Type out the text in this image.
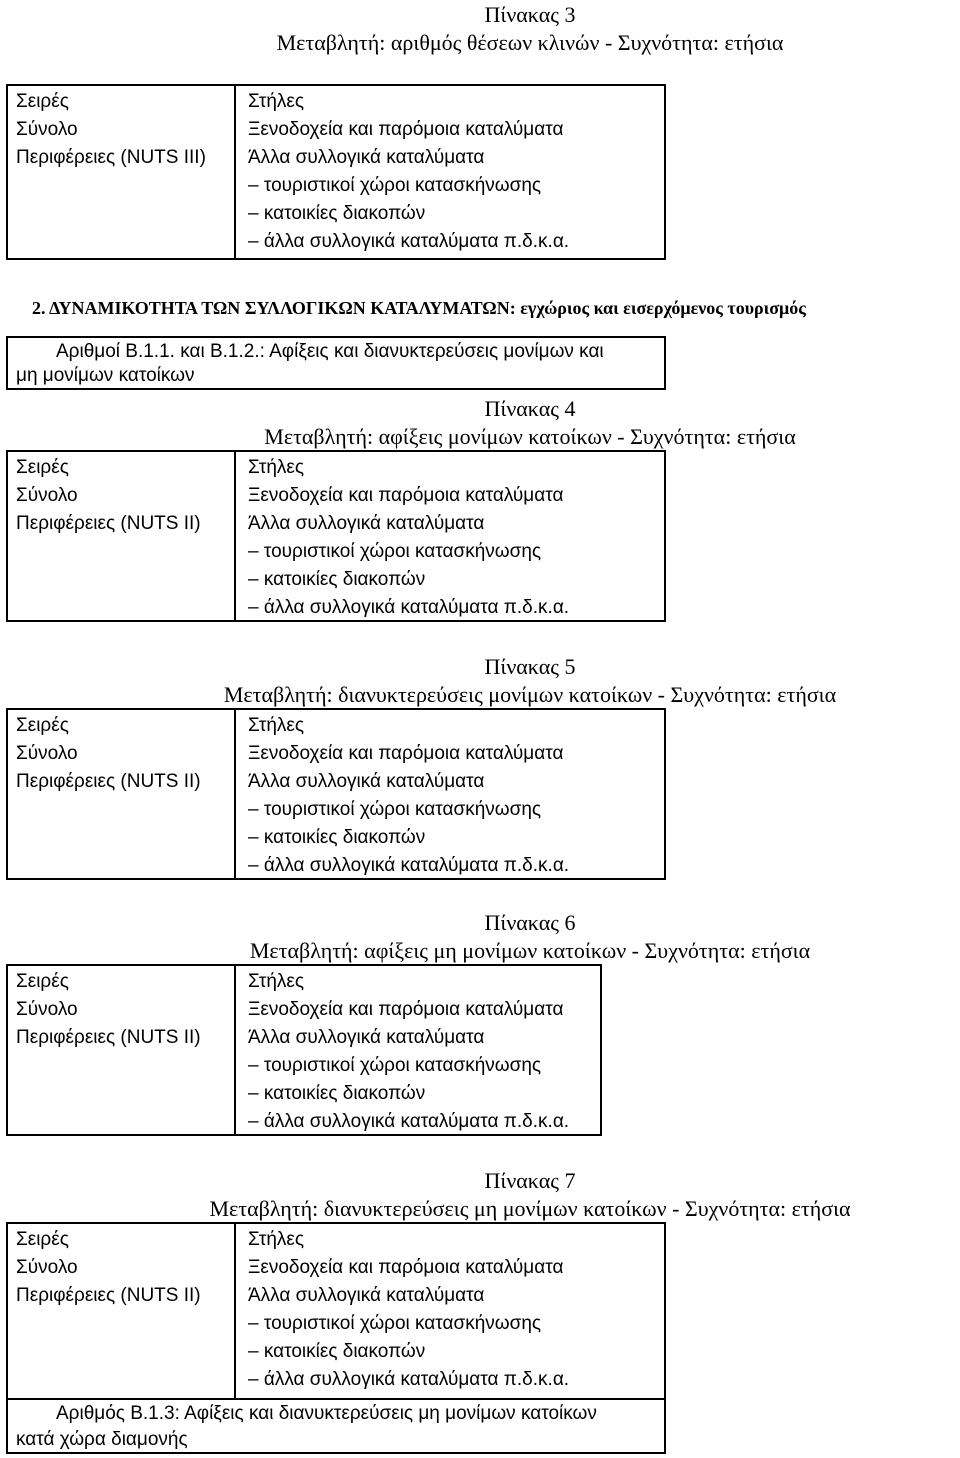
Πίνακας 3
Μεταβλητή: αριθμός θέσεων κλινών - Συχνότητα: ετήσια
Σειρές
Σύνολο
Περιφέρειες (NUTS III)
Στήλες
Ξενοδοχεία και παρόμοια καταλύματα
Άλλα συλλογικά καταλύματα
– τουριστικοί χώροι κατασκήνωσης
– κατοικίες διακοπών
– άλλα συλλογικά καταλύματα π.δ.κ.α.
2. ΔΥΝΑΜΙΚΟΤΗΤΑ ΤΩΝ ΣΥΛΛΟΓΙΚΩΝ ΚΑΤΑΛΥΜΑΤΩΝ: εγχώριος και εισερχόμενος τουρισμός
Αριθμοί Β.1.1. και Β.1.2.: Αφίξεις και διανυκτερεύσεις μονίμων και
μη μονίμων κατοίκων
Πίνακας 4
Μεταβλητή: αφίξεις μονίμων κατοίκων - Συχνότητα: ετήσια
Σειρές
Σύνολο
Περιφέρειες (NUTS II)
Στήλες
Ξενοδοχεία και παρόμοια καταλύματα
Άλλα συλλογικά καταλύματα
– τουριστικοί χώροι κατασκήνωσης
– κατοικίες διακοπών
– άλλα συλλογικά καταλύματα π.δ.κ.α.
Πίνακας 5
Μεταβλητή: διανυκτερεύσεις μονίμων κατοίκων - Συχνότητα: ετήσια
Σειρές
Σύνολο
Περιφέρειες (NUTS II)
Στήλες
Ξενοδοχεία και παρόμοια καταλύματα
Άλλα συλλογικά καταλύματα
– τουριστικοί χώροι κατασκήνωσης
– κατοικίες διακοπών
– άλλα συλλογικά καταλύματα π.δ.κ.α.
Πίνακας 6
Μεταβλητή: αφίξεις μη μονίμων κατοίκων - Συχνότητα: ετήσια
Σειρές
Σύνολο
Περιφέρειες (NUTS II)
Στήλες
Ξενοδοχεία και παρόμοια καταλύματα
Άλλα συλλογικά καταλύματα
– τουριστικοί χώροι κατασκήνωσης
– κατοικίες διακοπών
– άλλα συλλογικά καταλύματα π.δ.κ.α.
Πίνακας 7
Μεταβλητή: διανυκτερεύσεις μη μονίμων κατοίκων - Συχνότητα: ετήσια
Σειρές
Σύνολο
Περιφέρειες (NUTS II)
Στήλες
Ξενοδοχεία και παρόμοια καταλύματα
Άλλα συλλογικά καταλύματα
– τουριστικοί χώροι κατασκήνωσης
– κατοικίες διακοπών
– άλλα συλλογικά καταλύματα π.δ.κ.α.
Αριθμός Β.1.3: Αφίξεις και διανυκτερεύσεις μη μονίμων κατοίκων
κατά χώρα διαμονής
